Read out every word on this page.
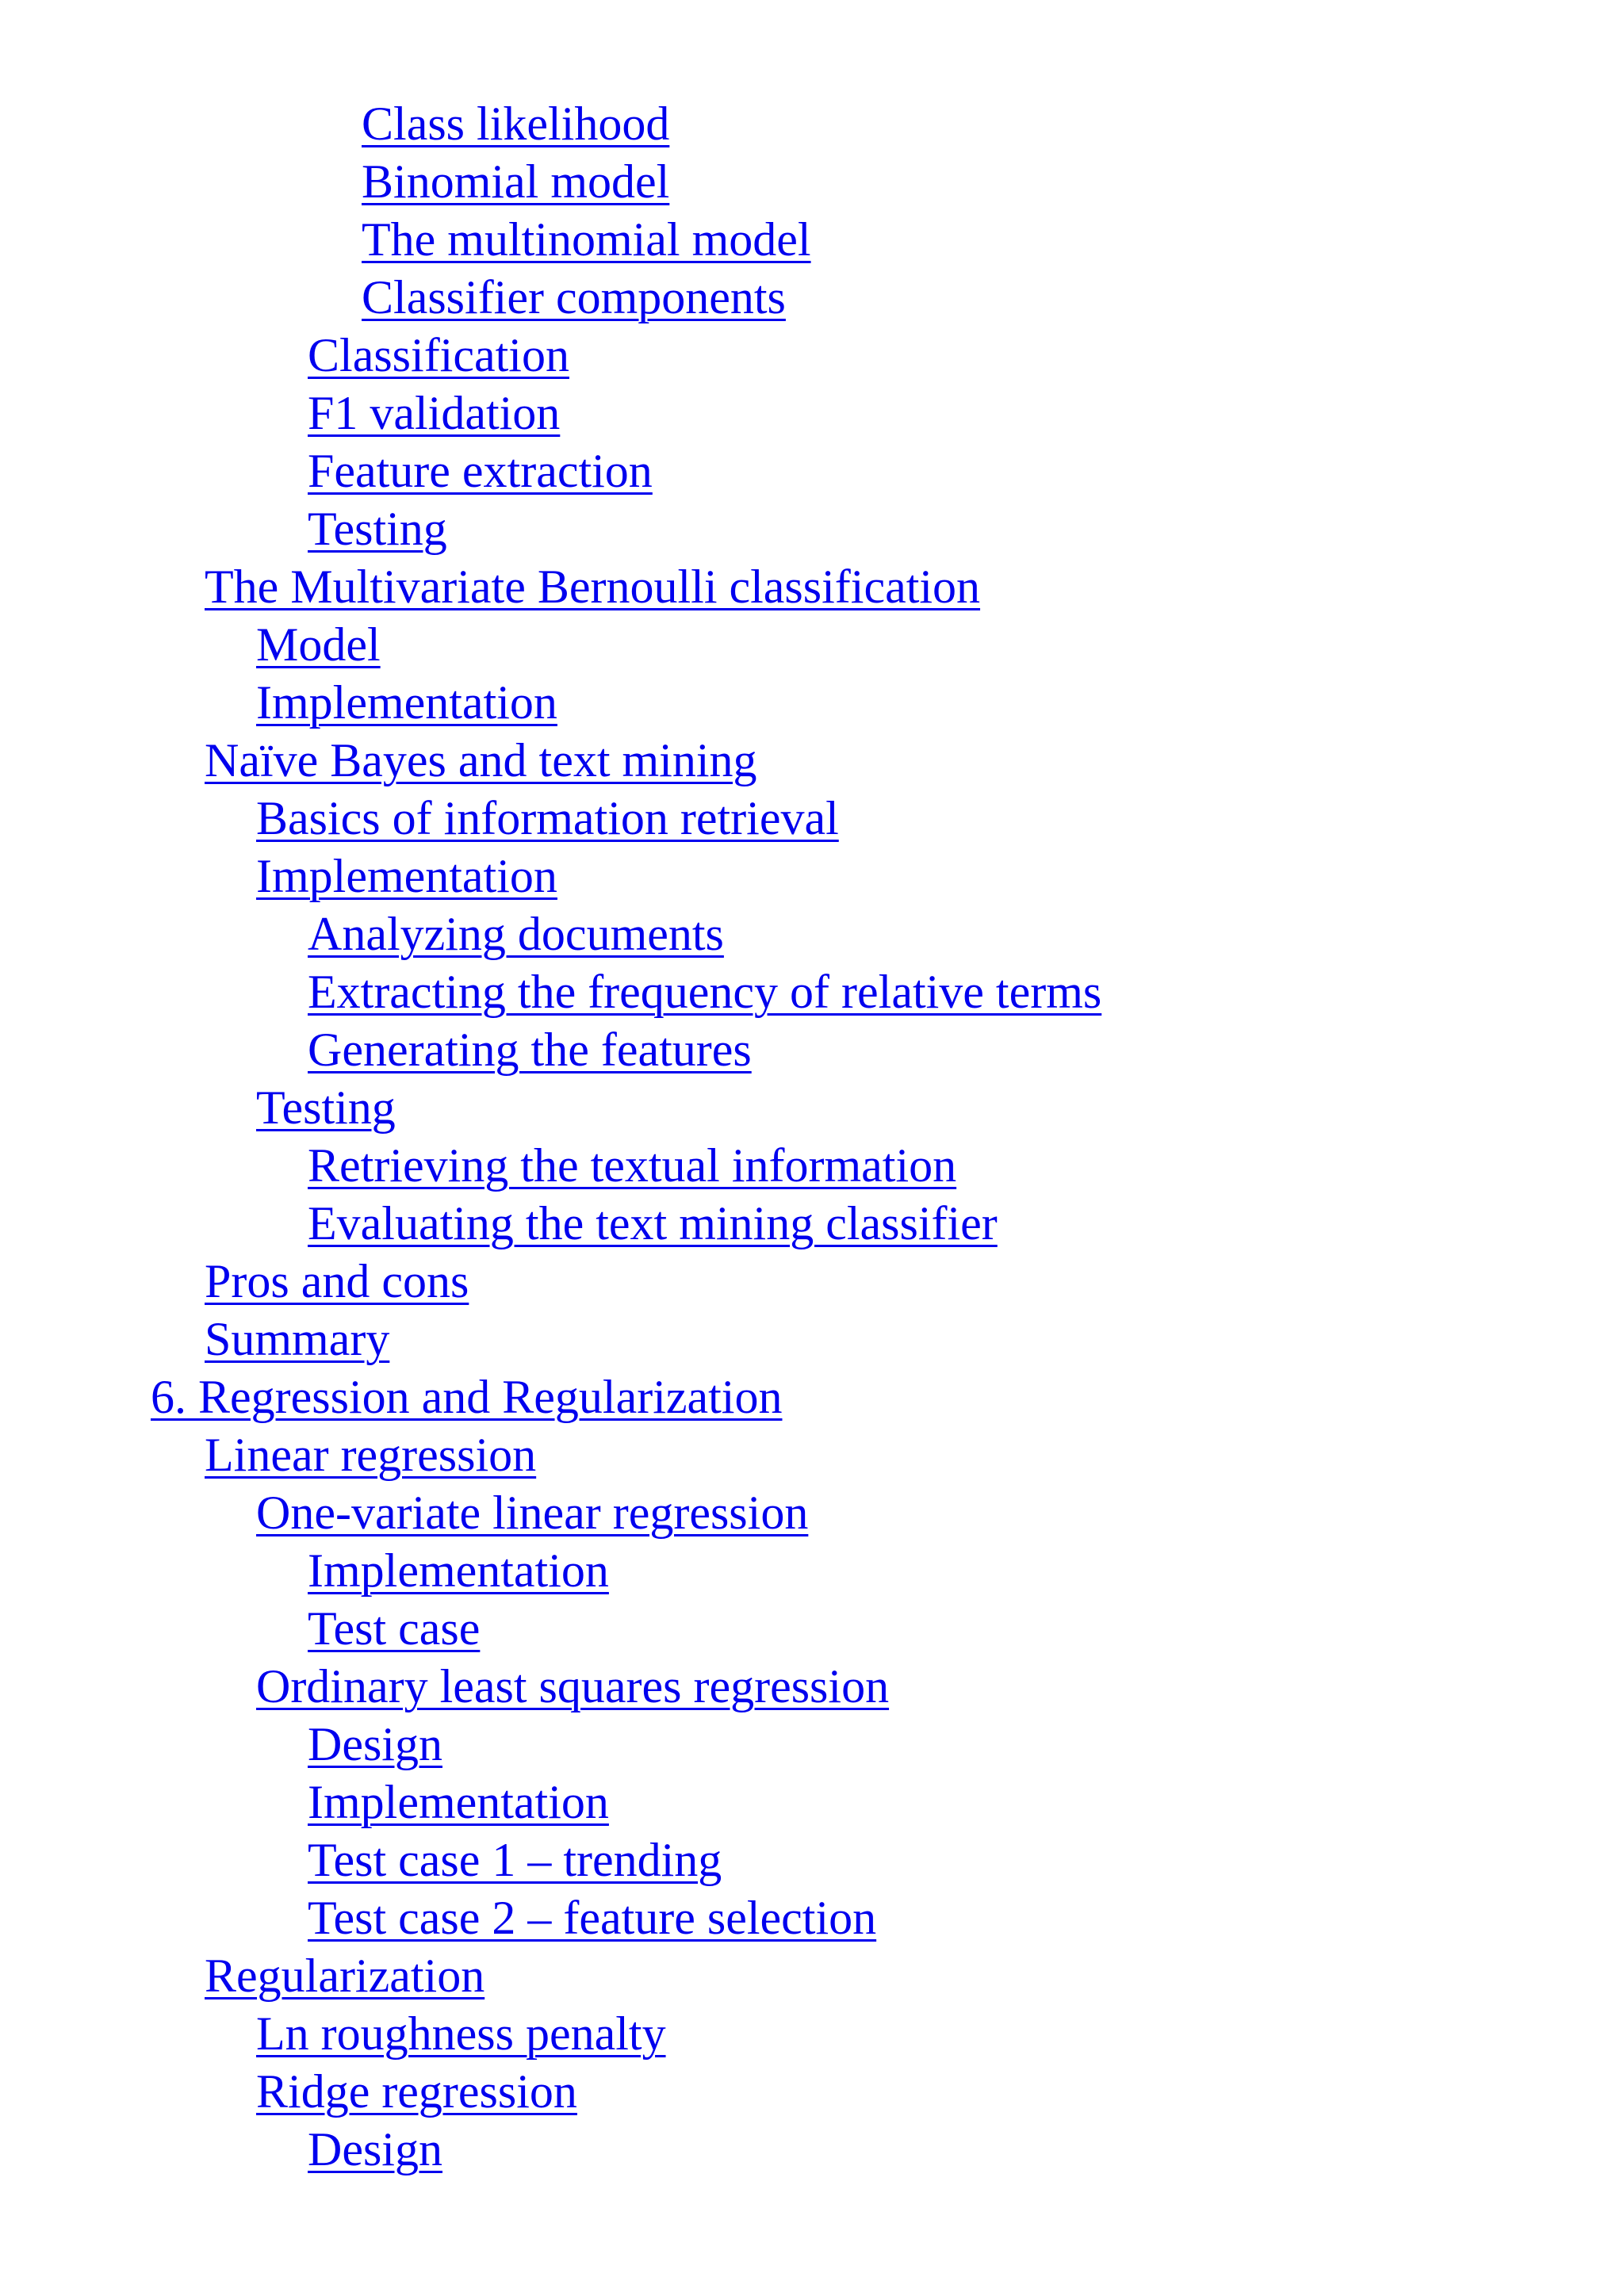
Class likelihood
Binomial model
The multinomial model
Classifier components
Classification
F1 validation
Feature extraction
Testing
The Multivariate Bernoulli classification
Model
Implementation
Naïve Bayes and text mining
Basics of information retrieval
Implementation
Analyzing documents
Extracting the frequency of relative terms
Generating the features
Testing
Retrieving the textual information
Evaluating the text mining classifier
Pros and cons
Summary
6. Regression and Regularization
Linear regression
One-variate linear regression
Implementation
Test case
Ordinary least squares regression
Design
Implementation
Test case 1 – trending
Test case 2 – feature selection
Regularization
Ln roughness penalty
Ridge regression
Design
